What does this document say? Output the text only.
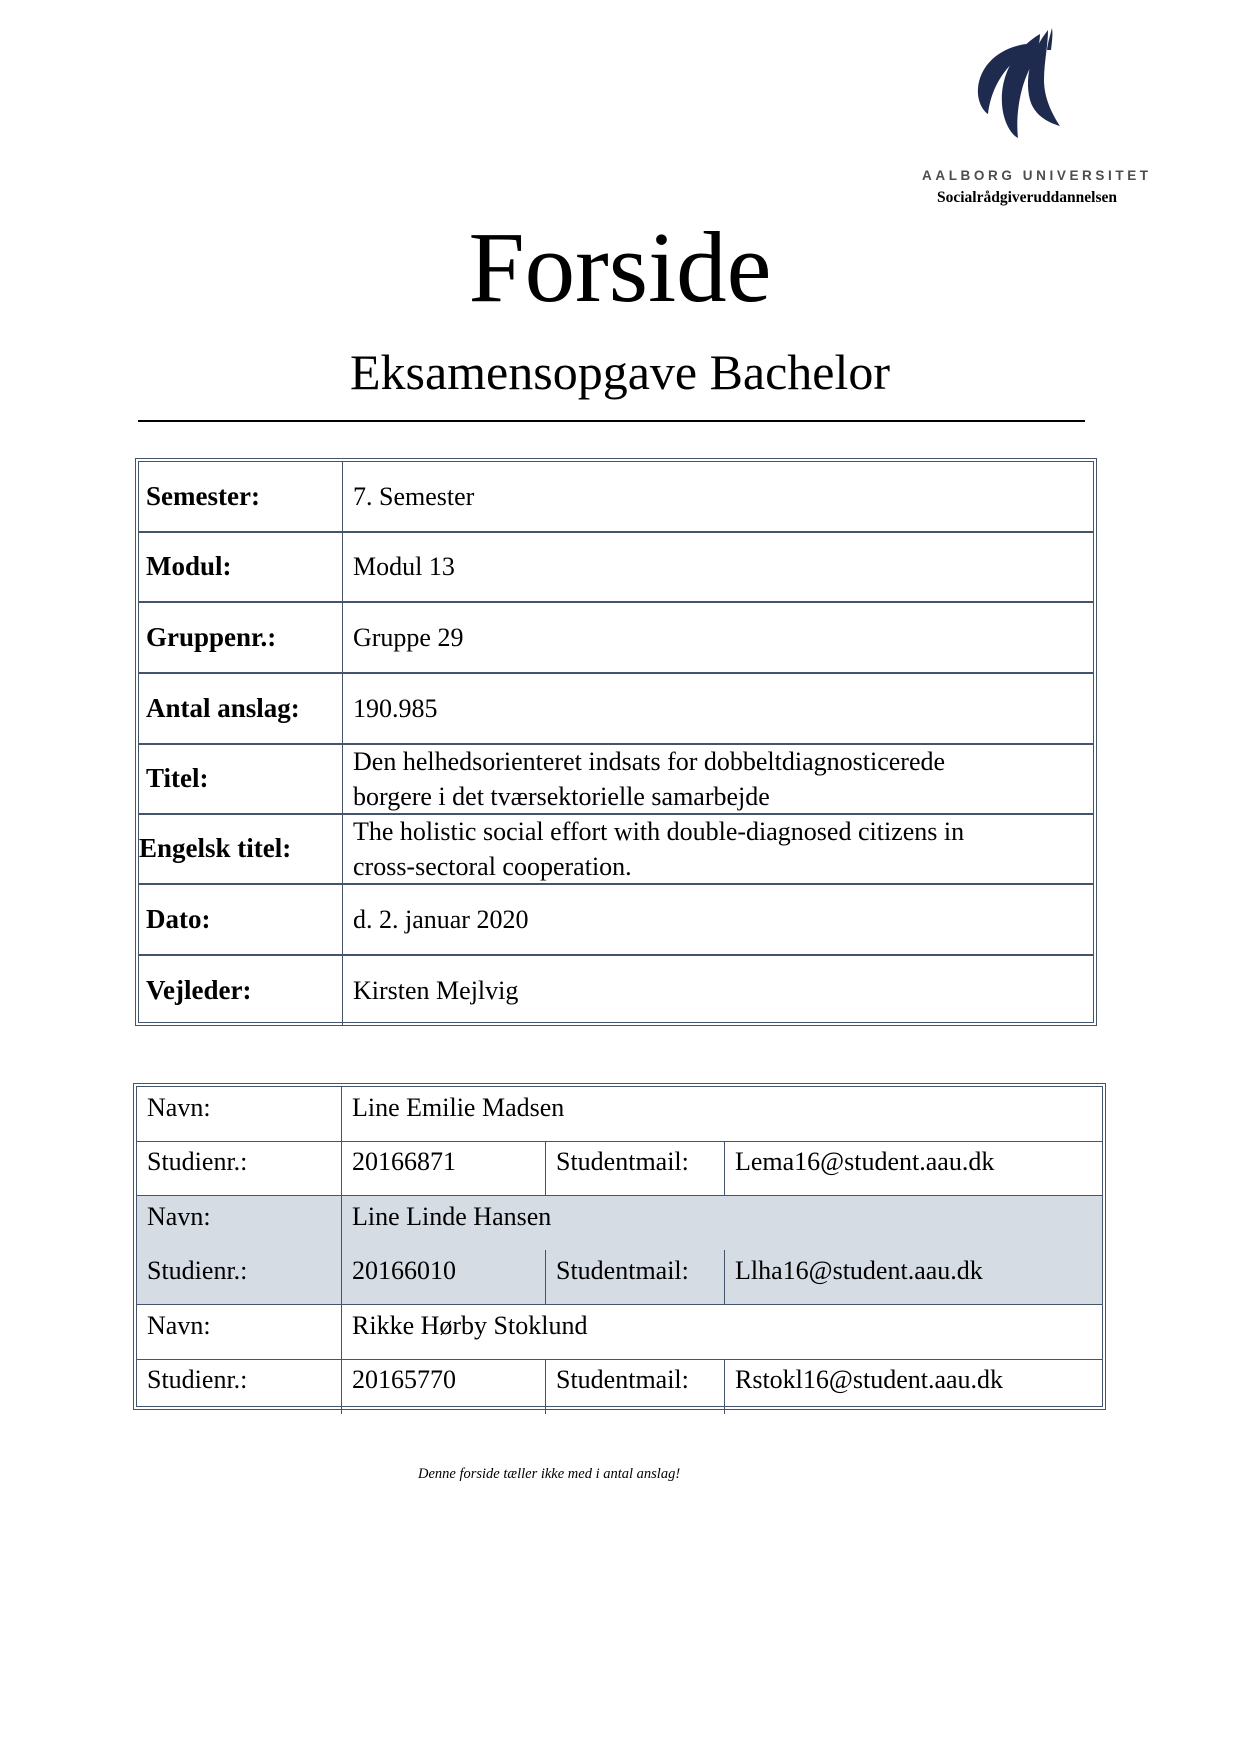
AALBORG UNIVERSITET
Socialrådgiveruddannelsen
Forside
Eksamensopgave Bachelor
Semester:	7. Semester
Modul:	Modul 13
Gruppenr.:	Gruppe 29
Antal anslag:	190.985
Titel:
Den helhedsorienteret indsats for dobbeltdiagnosticerede
borgere i det tværsektorielle samarbejde
Engelsk titel:
The holistic social effort with double-diagnosed citizens in
cross-sectoral cooperation.
Dato:	d. 2. januar 2020
Vejleder:	Kirsten Mejlvig
Navn:	Line Emilie Madsen
Studienr.:	20166871	Studentmail:	Lema16@student.aau.dk
Navn:	Line Linde Hansen
Studienr.:	20166010	Studentmail:	Llha16@student.aau.dk
Navn:	Rikke Hørby Stoklund
Studienr.:	20165770	Studentmail:	Rstokl16@student.aau.dk
Denne forside tæller ikke med i antal anslag!
